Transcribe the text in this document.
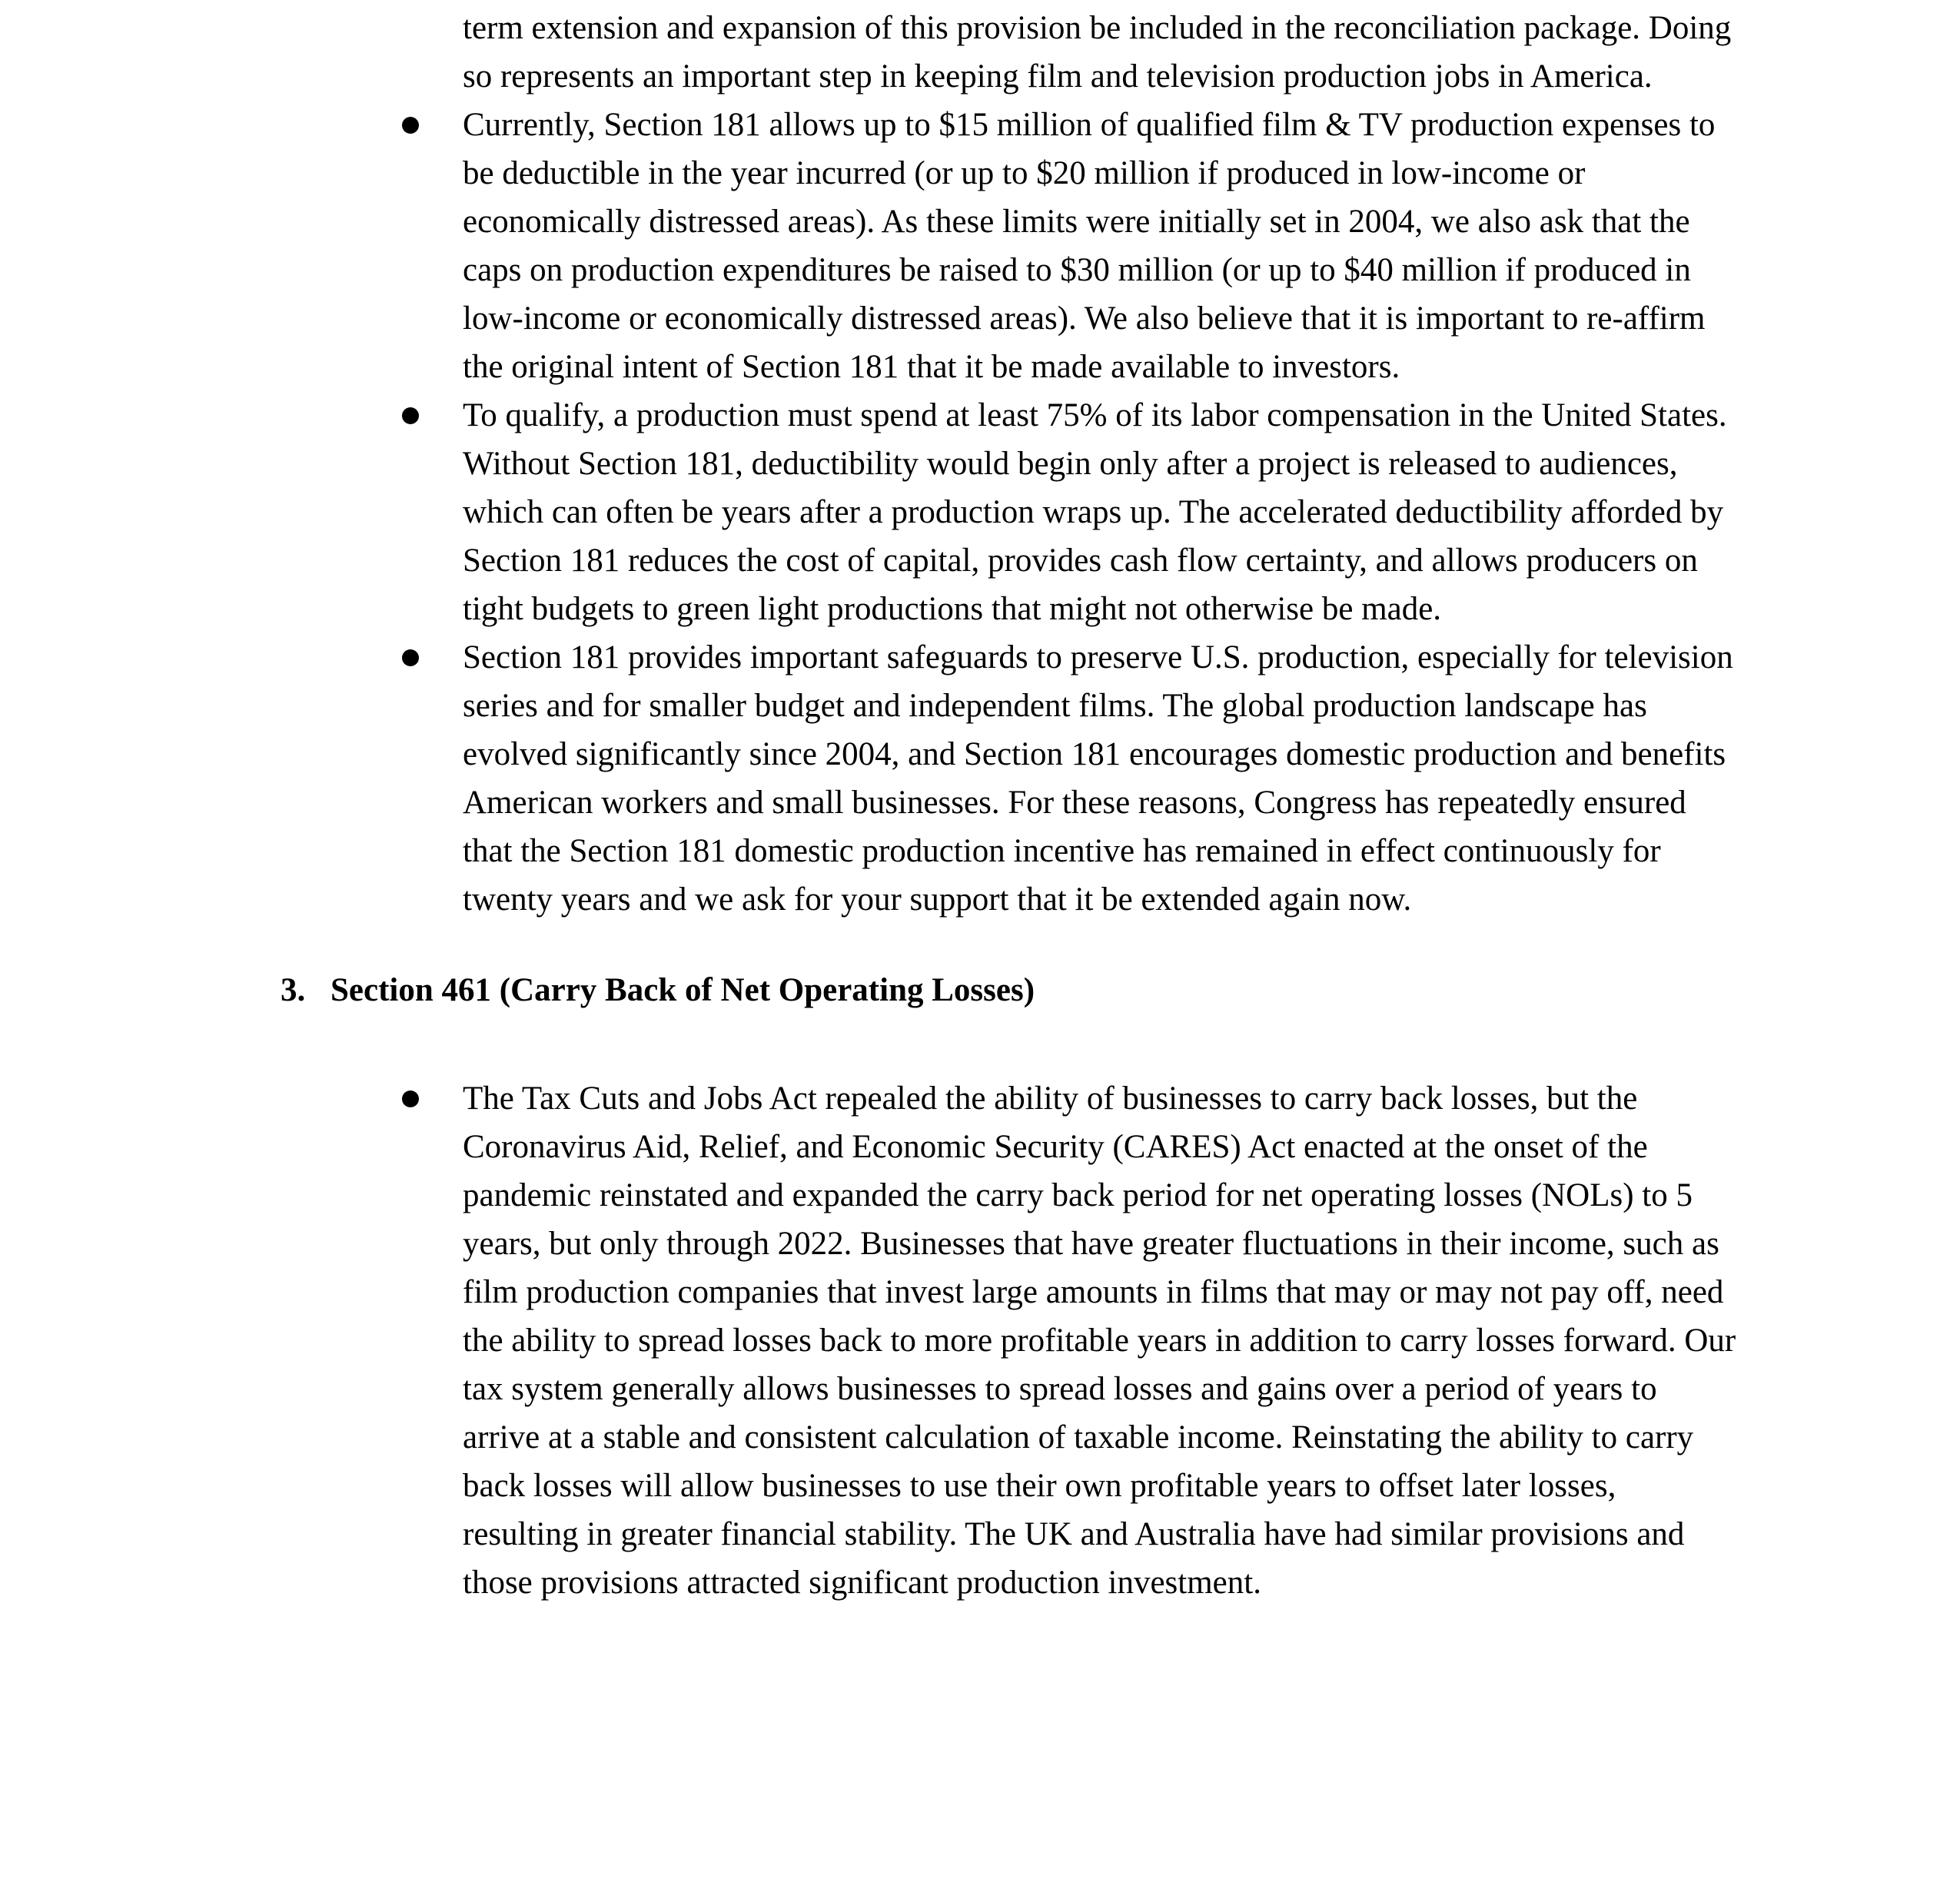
term extension and expansion of this provision be included in the reconciliation package. Doing so represents an important step in keeping film and television production jobs in America.

Currently, Section 181 allows up to $15 million of qualified film & TV production expenses to be deductible in the year incurred (or up to $20 million if produced in low-income or economically distressed areas). As these limits were initially set in 2004, we also ask that the caps on production expenditures be raised to $30 million (or up to $40 million if produced in low-income or economically distressed areas). We also believe that it is important to re-affirm the original intent of Section 181 that it be made available to investors.
To qualify, a production must spend at least 75% of its labor compensation in the United States. Without Section 181, deductibility would begin only after a project is released to audiences, which can often be years after a production wraps up. The accelerated deductibility afforded by Section 181 reduces the cost of capital, provides cash flow certainty, and allows producers on tight budgets to green light productions that might not otherwise be made.
Section 181 provides important safeguards to preserve U.S. production, especially for television series and for smaller budget and independent films. The global production landscape has evolved significantly since 2004, and Section 181 encourages domestic production and benefits American workers and small businesses. For these reasons, Congress has repeatedly ensured that the Section 181 domestic production incentive has remained in effect continuously for twenty years and we ask for your support that it be extended again now.
3. Section 461 (Carry Back of Net Operating Losses)
The Tax Cuts and Jobs Act repealed the ability of businesses to carry back losses, but the Coronavirus Aid, Relief, and Economic Security (CARES) Act enacted at the onset of the pandemic reinstated and expanded the carry back period for net operating losses (NOLs) to 5 years, but only through 2022. Businesses that have greater fluctuations in their income, such as film production companies that invest large amounts in films that may or may not pay off, need the ability to spread losses back to more profitable years in addition to carry losses forward. Our tax system generally allows businesses to spread losses and gains over a period of years to arrive at a stable and consistent calculation of taxable income. Reinstating the ability to carry back losses will allow businesses to use their own profitable years to offset later losses, resulting in greater financial stability. The UK and Australia have had similar provisions and those provisions attracted significant production investment.
